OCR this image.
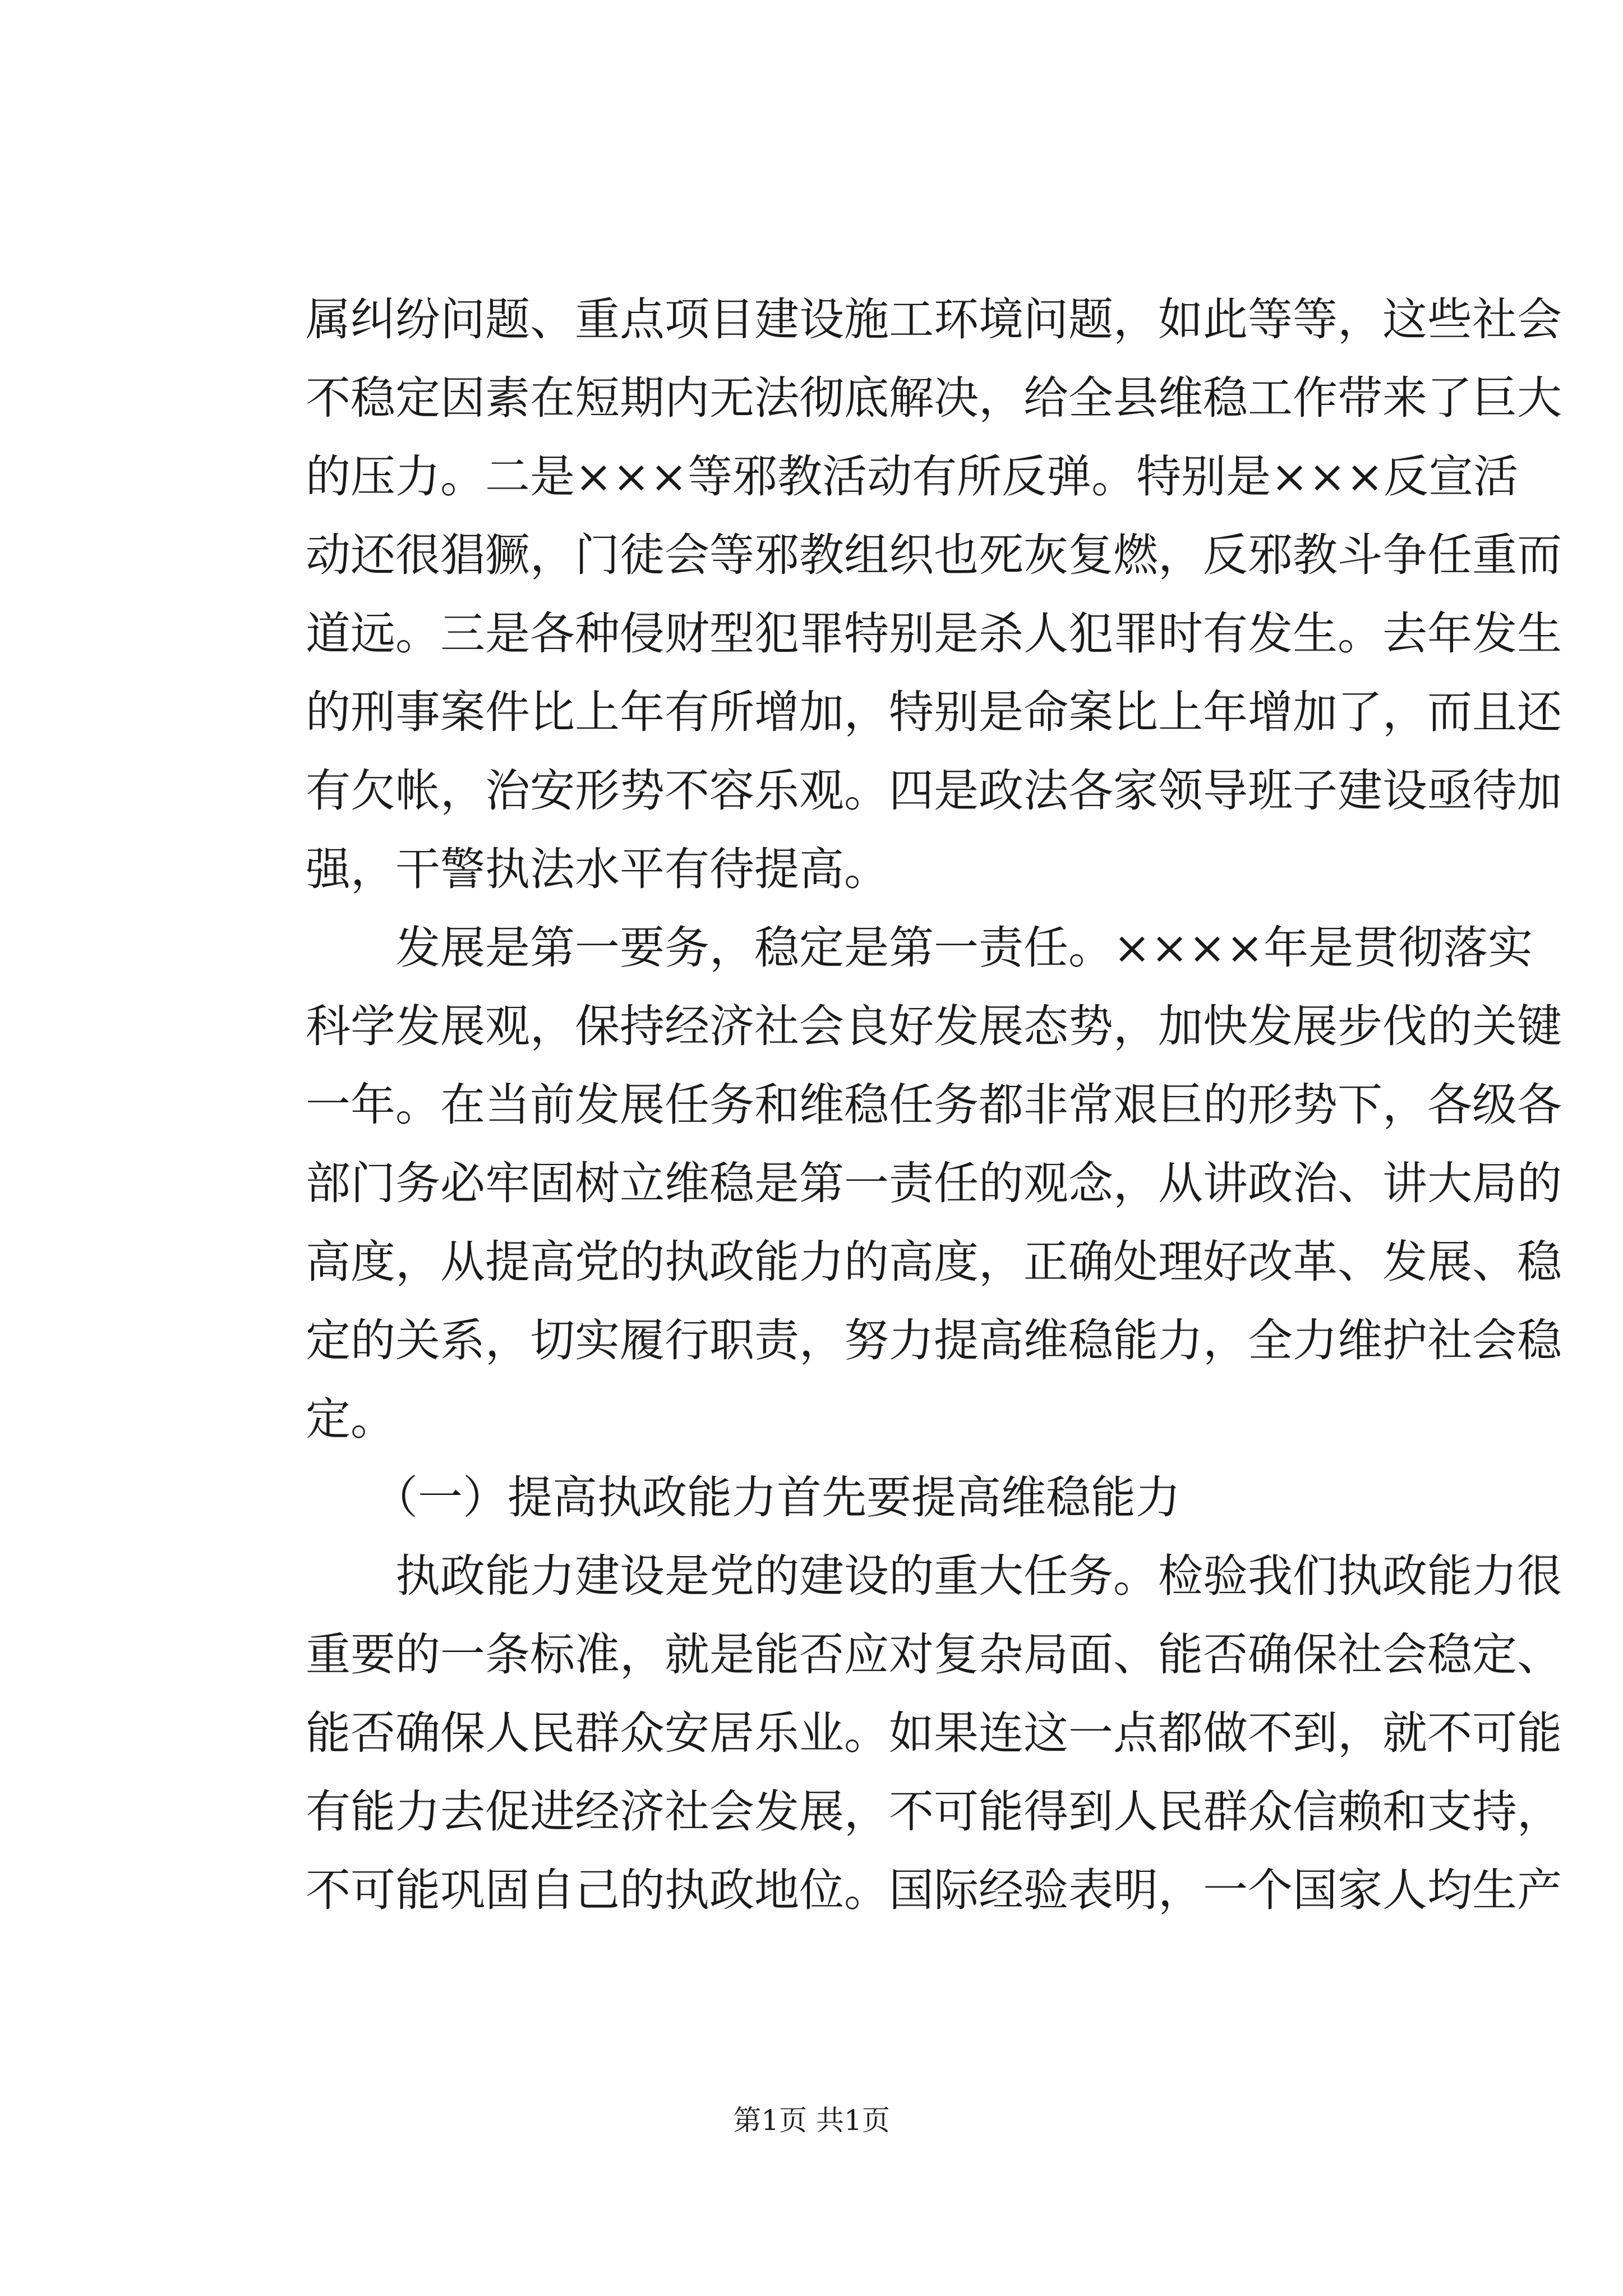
属纠纷问题、重点项目建设施工环境问题，如此等等，这些社会
不稳定因素在短期内无法彻底解决，给全县维稳工作带来了巨大
的压力。二是×××等邪教活动有所反弹。特别是×××反宣活
动还很猖獗，门徒会等邪教组织也死灰复燃，反邪教斗争任重而
道远。三是各种侵财型犯罪特别是杀人犯罪时有发生。去年发生
的刑事案件比上年有所增加，特别是命案比上年增加了，而且还
有欠帐，治安形势不容乐观。四是政法各家领导班子建设亟待加
强，干警执法水平有待提高。
　　发展是第一要务，稳定是第一责任。××××年是贯彻落实
科学发展观，保持经济社会良好发展态势，加快发展步伐的关键
一年。在当前发展任务和维稳任务都非常艰巨的形势下，各级各
部门务必牢固树立维稳是第一责任的观念，从讲政治、讲大局的
高度，从提高党的执政能力的高度，正确处理好改革、发展、稳
定的关系，切实履行职责，努力提高维稳能力，全力维护社会稳
定。
　　（一）提高执政能力首先要提高维稳能力
　　执政能力建设是党的建设的重大任务。检验我们执政能力很
重要的一条标准，就是能否应对复杂局面、能否确保社会稳定、
能否确保人民群众安居乐业。如果连这一点都做不到，就不可能
有能力去促进经济社会发展，不可能得到人民群众信赖和支持，
不可能巩固自己的执政地位。国际经验表明，一个国家人均生产
第1页 共1页
